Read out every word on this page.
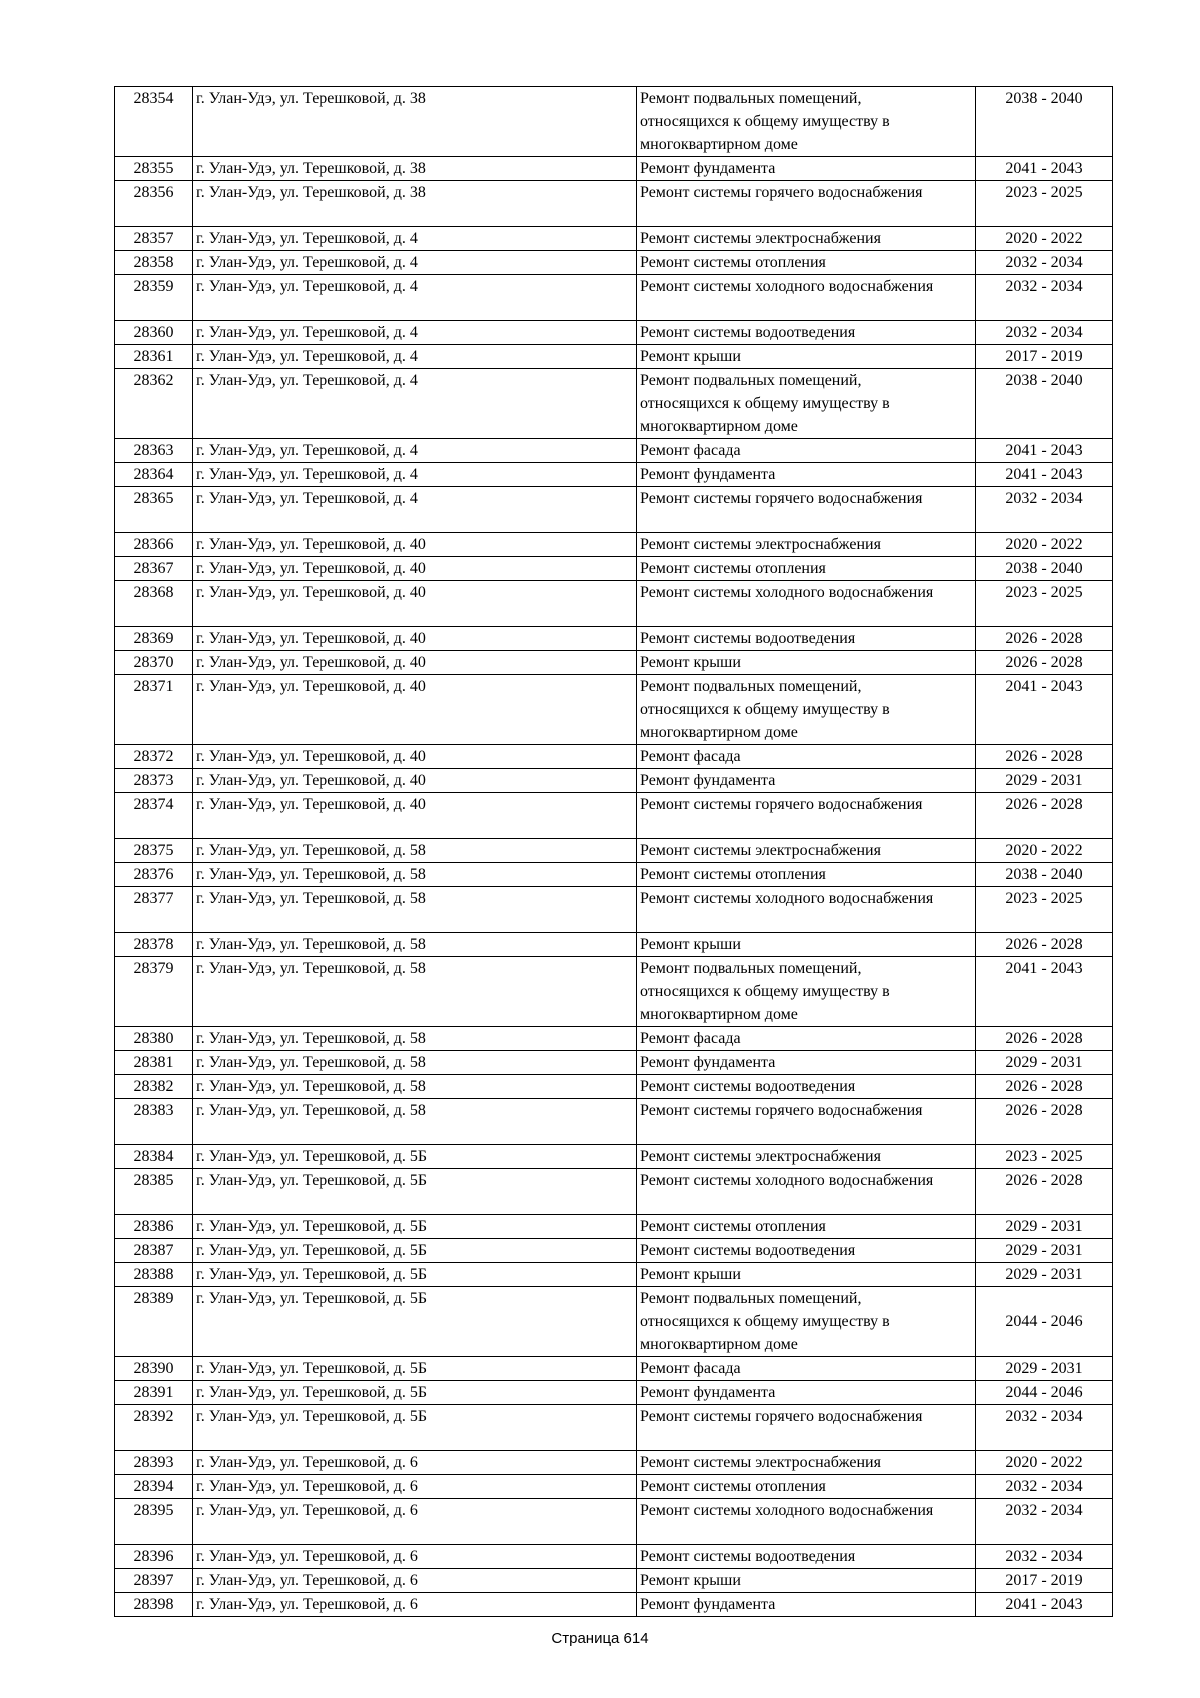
28354	г. Улан-Удэ, ул. Терешковой, д. 38	Ремонт подвальных помещений,
относящихся к общему имуществу в
многоквартирном доме	2038 - 2040
28355	г. Улан-Удэ, ул. Терешковой, д. 38	Ремонт фундамента	2041 - 2043
28356	г. Улан-Удэ, ул. Терешковой, д. 38	Ремонт системы горячего водоснабжения	2023 - 2025
28357	г. Улан-Удэ, ул. Терешковой, д. 4	Ремонт системы электроснабжения	2020 - 2022
28358	г. Улан-Удэ, ул. Терешковой, д. 4	Ремонт системы отопления	2032 - 2034
28359	г. Улан-Удэ, ул. Терешковой, д. 4	Ремонт системы холодного водоснабжения	2032 - 2034
28360	г. Улан-Удэ, ул. Терешковой, д. 4	Ремонт системы водоотведения	2032 - 2034
28361	г. Улан-Удэ, ул. Терешковой, д. 4	Ремонт крыши	2017 - 2019
28362	г. Улан-Удэ, ул. Терешковой, д. 4	Ремонт подвальных помещений,
относящихся к общему имуществу в
многоквартирном доме	2038 - 2040
28363	г. Улан-Удэ, ул. Терешковой, д. 4	Ремонт фасада	2041 - 2043
28364	г. Улан-Удэ, ул. Терешковой, д. 4	Ремонт фундамента	2041 - 2043
28365	г. Улан-Удэ, ул. Терешковой, д. 4	Ремонт системы горячего водоснабжения	2032 - 2034
28366	г. Улан-Удэ, ул. Терешковой, д. 40	Ремонт системы электроснабжения	2020 - 2022
28367	г. Улан-Удэ, ул. Терешковой, д. 40	Ремонт системы отопления	2038 - 2040
28368	г. Улан-Удэ, ул. Терешковой, д. 40	Ремонт системы холодного водоснабжения	2023 - 2025
28369	г. Улан-Удэ, ул. Терешковой, д. 40	Ремонт системы водоотведения	2026 - 2028
28370	г. Улан-Удэ, ул. Терешковой, д. 40	Ремонт крыши	2026 - 2028
28371	г. Улан-Удэ, ул. Терешковой, д. 40	Ремонт подвальных помещений,
относящихся к общему имуществу в
многоквартирном доме	2041 - 2043
28372	г. Улан-Удэ, ул. Терешковой, д. 40	Ремонт фасада	2026 - 2028
28373	г. Улан-Удэ, ул. Терешковой, д. 40	Ремонт фундамента	2029 - 2031
28374	г. Улан-Удэ, ул. Терешковой, д. 40	Ремонт системы горячего водоснабжения	2026 - 2028
28375	г. Улан-Удэ, ул. Терешковой, д. 58	Ремонт системы электроснабжения	2020 - 2022
28376	г. Улан-Удэ, ул. Терешковой, д. 58	Ремонт системы отопления	2038 - 2040
28377	г. Улан-Удэ, ул. Терешковой, д. 58	Ремонт системы холодного водоснабжения	2023 - 2025
28378	г. Улан-Удэ, ул. Терешковой, д. 58	Ремонт крыши	2026 - 2028
28379	г. Улан-Удэ, ул. Терешковой, д. 58	Ремонт подвальных помещений,
относящихся к общему имуществу в
многоквартирном доме	2041 - 2043
28380	г. Улан-Удэ, ул. Терешковой, д. 58	Ремонт фасада	2026 - 2028
28381	г. Улан-Удэ, ул. Терешковой, д. 58	Ремонт фундамента	2029 - 2031
28382	г. Улан-Удэ, ул. Терешковой, д. 58	Ремонт системы водоотведения	2026 - 2028
28383	г. Улан-Удэ, ул. Терешковой, д. 58	Ремонт системы горячего водоснабжения	2026 - 2028
28384	г. Улан-Удэ, ул. Терешковой, д. 5Б	Ремонт системы электроснабжения	2023 - 2025
28385	г. Улан-Удэ, ул. Терешковой, д. 5Б	Ремонт системы холодного водоснабжения	2026 - 2028
28386	г. Улан-Удэ, ул. Терешковой, д. 5Б	Ремонт системы отопления	2029 - 2031
28387	г. Улан-Удэ, ул. Терешковой, д. 5Б	Ремонт системы водоотведения	2029 - 2031
28388	г. Улан-Удэ, ул. Терешковой, д. 5Б	Ремонт крыши	2029 - 2031
28389	г. Улан-Удэ, ул. Терешковой, д. 5Б	Ремонт подвальных помещений,
относящихся к общему имуществу в
многоквартирном доме	2044 - 2046
28390	г. Улан-Удэ, ул. Терешковой, д. 5Б	Ремонт фасада	2029 - 2031
28391	г. Улан-Удэ, ул. Терешковой, д. 5Б	Ремонт фундамента	2044 - 2046
28392	г. Улан-Удэ, ул. Терешковой, д. 5Б	Ремонт системы горячего водоснабжения	2032 - 2034
28393	г. Улан-Удэ, ул. Терешковой, д. 6	Ремонт системы электроснабжения	2020 - 2022
28394	г. Улан-Удэ, ул. Терешковой, д. 6	Ремонт системы отопления	2032 - 2034
28395	г. Улан-Удэ, ул. Терешковой, д. 6	Ремонт системы холодного водоснабжения	2032 - 2034
28396	г. Улан-Удэ, ул. Терешковой, д. 6	Ремонт системы водоотведения	2032 - 2034
28397	г. Улан-Удэ, ул. Терешковой, д. 6	Ремонт крыши	2017 - 2019
28398	г. Улан-Удэ, ул. Терешковой, д. 6	Ремонт фундамента	2041 - 2043
Страница 614
